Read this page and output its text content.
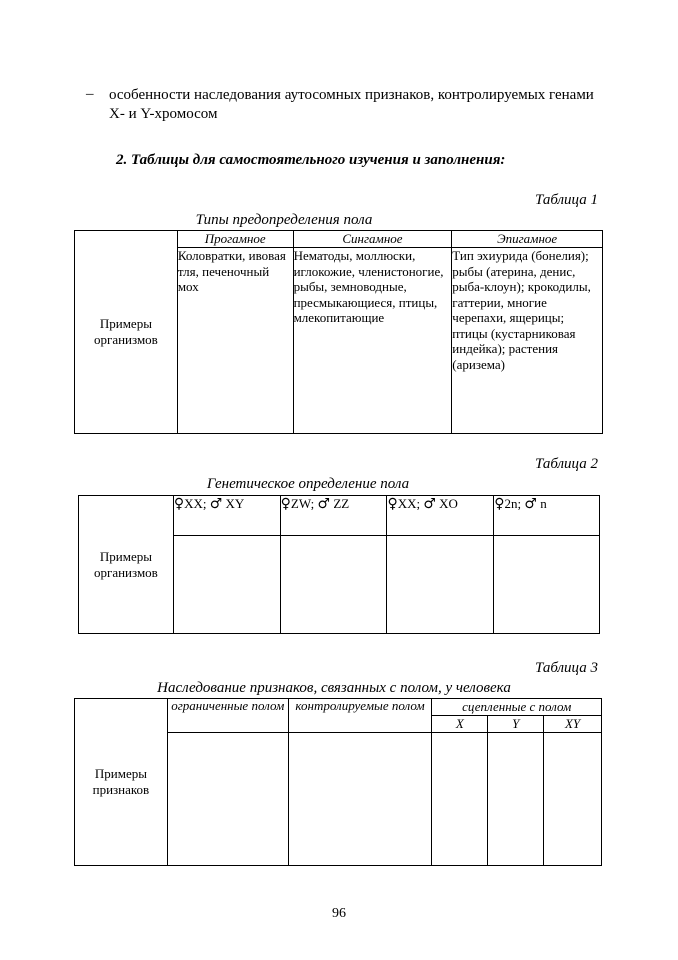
– особенности наследования аутосомных признаков, контролируемых генами X- и Y-хромосом
2. Таблицы для самостоятельного изучения и заполнения:
Таблица 1
Типы предопределения пола
Примеры организмов	Прогамное	Сингамное	Эпигамное
	Коловратки, ивовая тля, печеночный мох	Нематоды, моллюски, иглокожие, членистоногие, рыбы, земноводные, пресмыкающиеся, птицы, млекопитающие	Тип эхиурида (бонелия); рыбы (атерина, денис, рыба-клоун); крокодилы, гаттерии, многие черепахи, ящерицы; птицы (кустарниковая индейка); растения (аризема)
Таблица 2
Генетическое определение пола
Примеры организмов	♀XX; ♂ XY	♀ZW; ♂ ZZ	♀XX; ♂ XO	♀2n; ♂ n

Таблица 3
Наследование признаков, связанных с полом, у человека
Примеры признаков	ограниченные полом	контролируемые полом	сцепленные с полом		
			X	Y	XY

96
